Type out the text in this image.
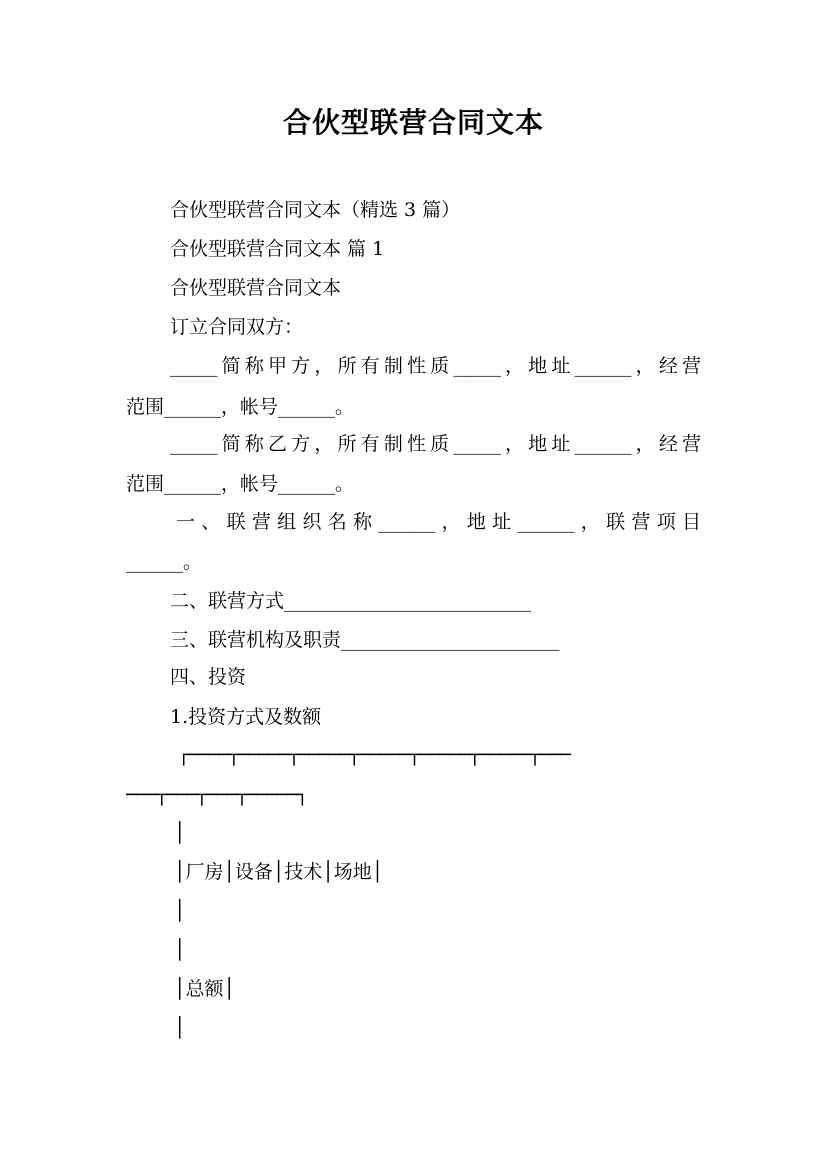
合伙型联营合同文本
合伙型联营合同文本（精选 3 篇）
合伙型联营合同文本 篇 1
合伙型联营合同文本
订立合同双方：
_____简称甲方，所有制性质_____，地址______，经营
范围______，帐号______。
_____简称乙方，所有制性质_____，地址______，经营
范围______，帐号______。
一、联营组织名称______，地址______，联营项目
______。
二、联营方式__________________________
三、联营机构及职责_______________________
四、投资
1.投资方式及数额
┌────┬─────┬─────┬─────┬─────┬─────┬───
───┬───┬───┬─────┐
│
│厂房│设备│技术│场地│
│
│
│总额│
│
